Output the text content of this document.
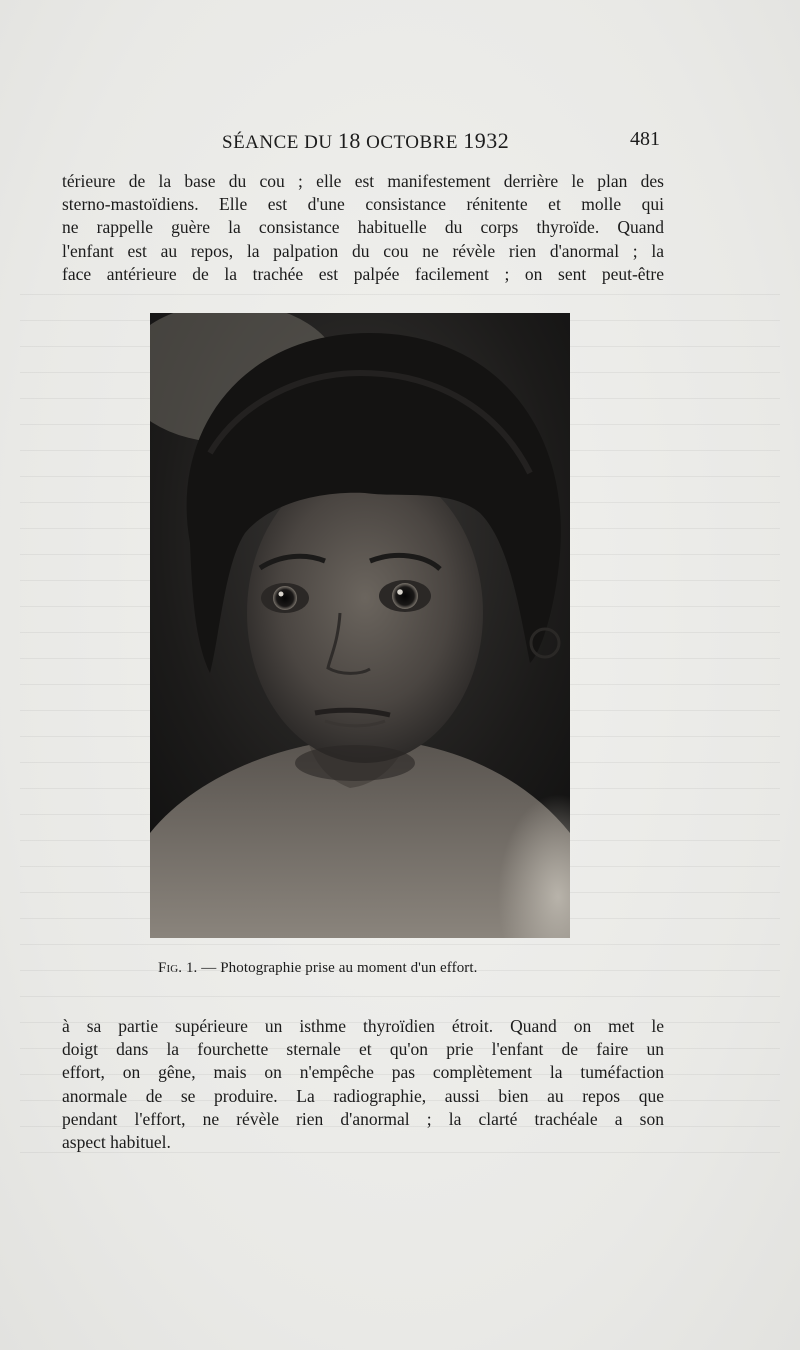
SÉANCE DU 18 OCTOBRE 1932	481
térieure de la base du cou ; elle est manifestement derrière le plan des
sterno-mastoïdiens. Elle est d'une consistance rénitente et molle qui
ne rappelle guère la consistance habituelle du corps thyroïde. Quand
l'enfant est au repos, la palpation du cou ne révèle rien d'anormal ; la
face antérieure de la trachée est palpée facilement ; on sent peut-être
Fig. 1. — Photographie prise au moment d'un effort.
à sa partie supérieure un isthme thyroïdien étroit. Quand on met le
doigt dans la fourchette sternale et qu'on prie l'enfant de faire un
effort, on gêne, mais on n'empêche pas complètement la tuméfaction
anormale de se produire. La radiographie, aussi bien au repos que
pendant l'effort, ne révèle rien d'anormal ; la clarté trachéale a son
aspect habituel.
